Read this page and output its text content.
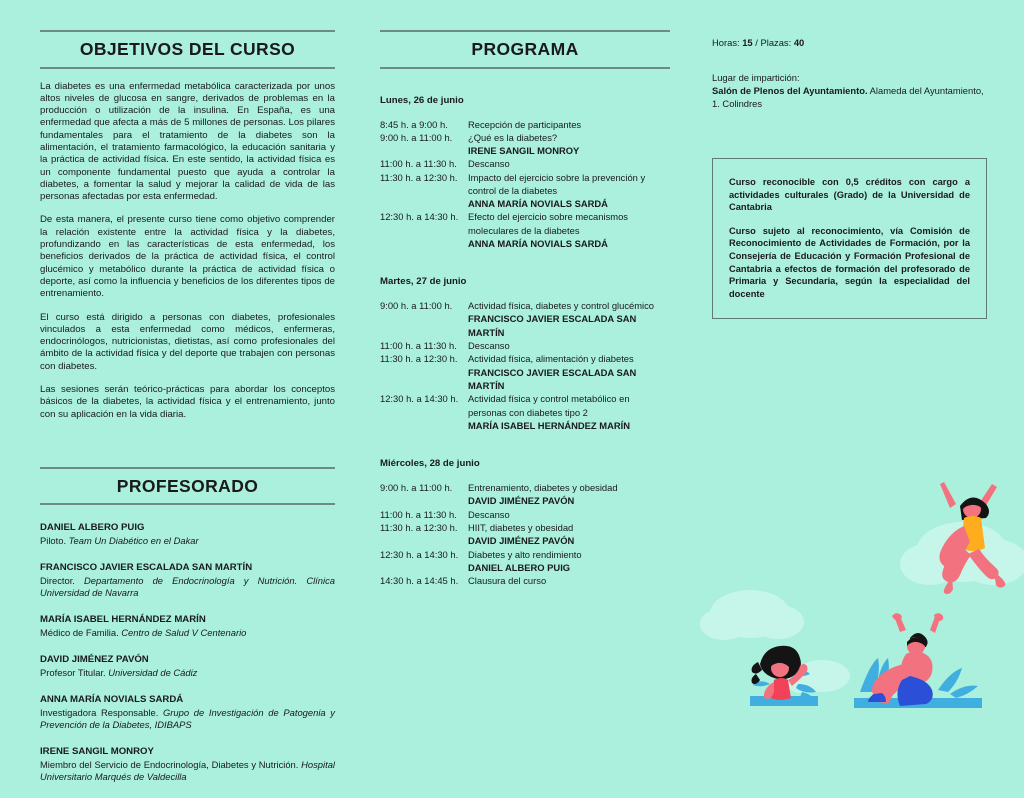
OBJETIVOS DEL CURSO

La diabetes es una enfermedad metabólica caracterizada por unos altos niveles de glucosa en sangre, derivados de problemas en la producción o utilización de la insulina. En España, es una enfermedad que afecta a más de 5 millones de personas. Los pilares fundamentales para el tratamiento de la diabetes son la alimentación, el tratamiento farmacológico, la educación sanitaria y la práctica de actividad física. En este sentido, la actividad física es un componente fundamental puesto que ayuda a controlar la diabetes, a fomentar la salud y mejorar la calidad de vida de las personas afectadas por esta enfermedad.

De esta manera, el presente curso tiene como objetivo comprender la relación existente entre la actividad física y la diabetes, profundizando en las características de esta enfermedad, los beneficios derivados de la práctica de actividad física, el control glucémico y metabólico durante la práctica de actividad física o deporte, así como la influencia y beneficios de los diferentes tipos de entrenamiento.

El curso está dirigido a personas con diabetes, profesionales vinculados a esta enfermedad como médicos, enfermeras, endocrinólogos, nutricionistas, dietistas, así como profesionales del ámbito de la actividad física y del deporte que trabajen con personas con diabetes.

Las sesiones serán teórico-prácticas para abordar los conceptos básicos de la diabetes, la actividad física y el entrenamiento, junto con su aplicación en la vida diaria.

PROFESORADO
DANIEL ALBERO PUIG
Piloto. Team Un Diabético en el Dakar
FRANCISCO JAVIER ESCALADA SAN MARTÍN
Director. Departamento de Endocrinología y Nutrición. Clínica Universidad de Navarra
MARÍA ISABEL HERNÁNDEZ MARÍN
Médico de Familia. Centro de Salud V Centenario
DAVID JIMÉNEZ PAVÓN
Profesor Titular. Universidad de Cádiz
ANNA MARÍA NOVIALS SARDÁ
Investigadora Responsable. Grupo de Investigación de Patogenia y Prevención de la Diabetes, IDIBAPS
IRENE SANGIL MONROY
Miembro del Servicio de Endocrinología, Diabetes y Nutrición. Hospital Universitario Marqués de Valdecilla
PROGRAMA
Lunes, 26 de junio
8:45 h. a 9:00 h.	Recepción de participantes
9:00 h. a 11:00 h.	¿Qué es la diabetes?
IRENE SANGIL MONROY
11:00 h. a 11:30 h.	Descanso
11:30 h. a 12:30 h.	Impacto del ejercicio sobre la prevención y control de la diabetes
ANNA MARÍA NOVIALS SARDÁ
12:30 h. a 14:30 h.	Efecto del ejercicio sobre mecanismos moleculares de la diabetes
ANNA MARÍA NOVIALS SARDÁ
Martes, 27 de junio
9:00 h. a 11:00 h.	Actividad física, diabetes y control glucémico
FRANCISCO JAVIER ESCALADA SAN MARTÍN
11:00 h. a 11:30 h.	Descanso
11:30 h. a 12:30 h.	Actividad física, alimentación y diabetes
FRANCISCO JAVIER ESCALADA SAN MARTÍN
12:30 h. a 14:30 h.	Actividad física y control metabólico en personas con diabetes tipo 2
MARÍA ISABEL HERNÁNDEZ MARÍN
Miércoles, 28 de junio
9:00 h. a 11:00 h.	Entrenamiento, diabetes y obesidad
DAVID JIMÉNEZ PAVÓN
11:00 h. a 11:30 h.	Descanso
11:30 h. a 12:30 h.	HIIT, diabetes y obesidad
DAVID JIMÉNEZ PAVÓN
12:30 h. a 14:30 h.	Diabetes y alto rendimiento
DANIEL ALBERO PUIG
14:30 h. a 14:45 h.	Clausura del curso
Horas: 15 / Plazas: 40
Lugar de impartición:
Salón de Plenos del Ayuntamiento. Alameda del Ayuntamiento, 1. Colindres

Curso reconocible con 0,5 créditos con cargo a actividades culturales (Grado) de la Universidad de Cantabria

Curso sujeto al reconocimiento, vía Comisión de Reconocimiento de Actividades de Formación, por la Consejería de Educación y Formación Profesional de Cantabria a efectos de formación del profesorado de Primaria y Secundaria, según la especialidad del docente
